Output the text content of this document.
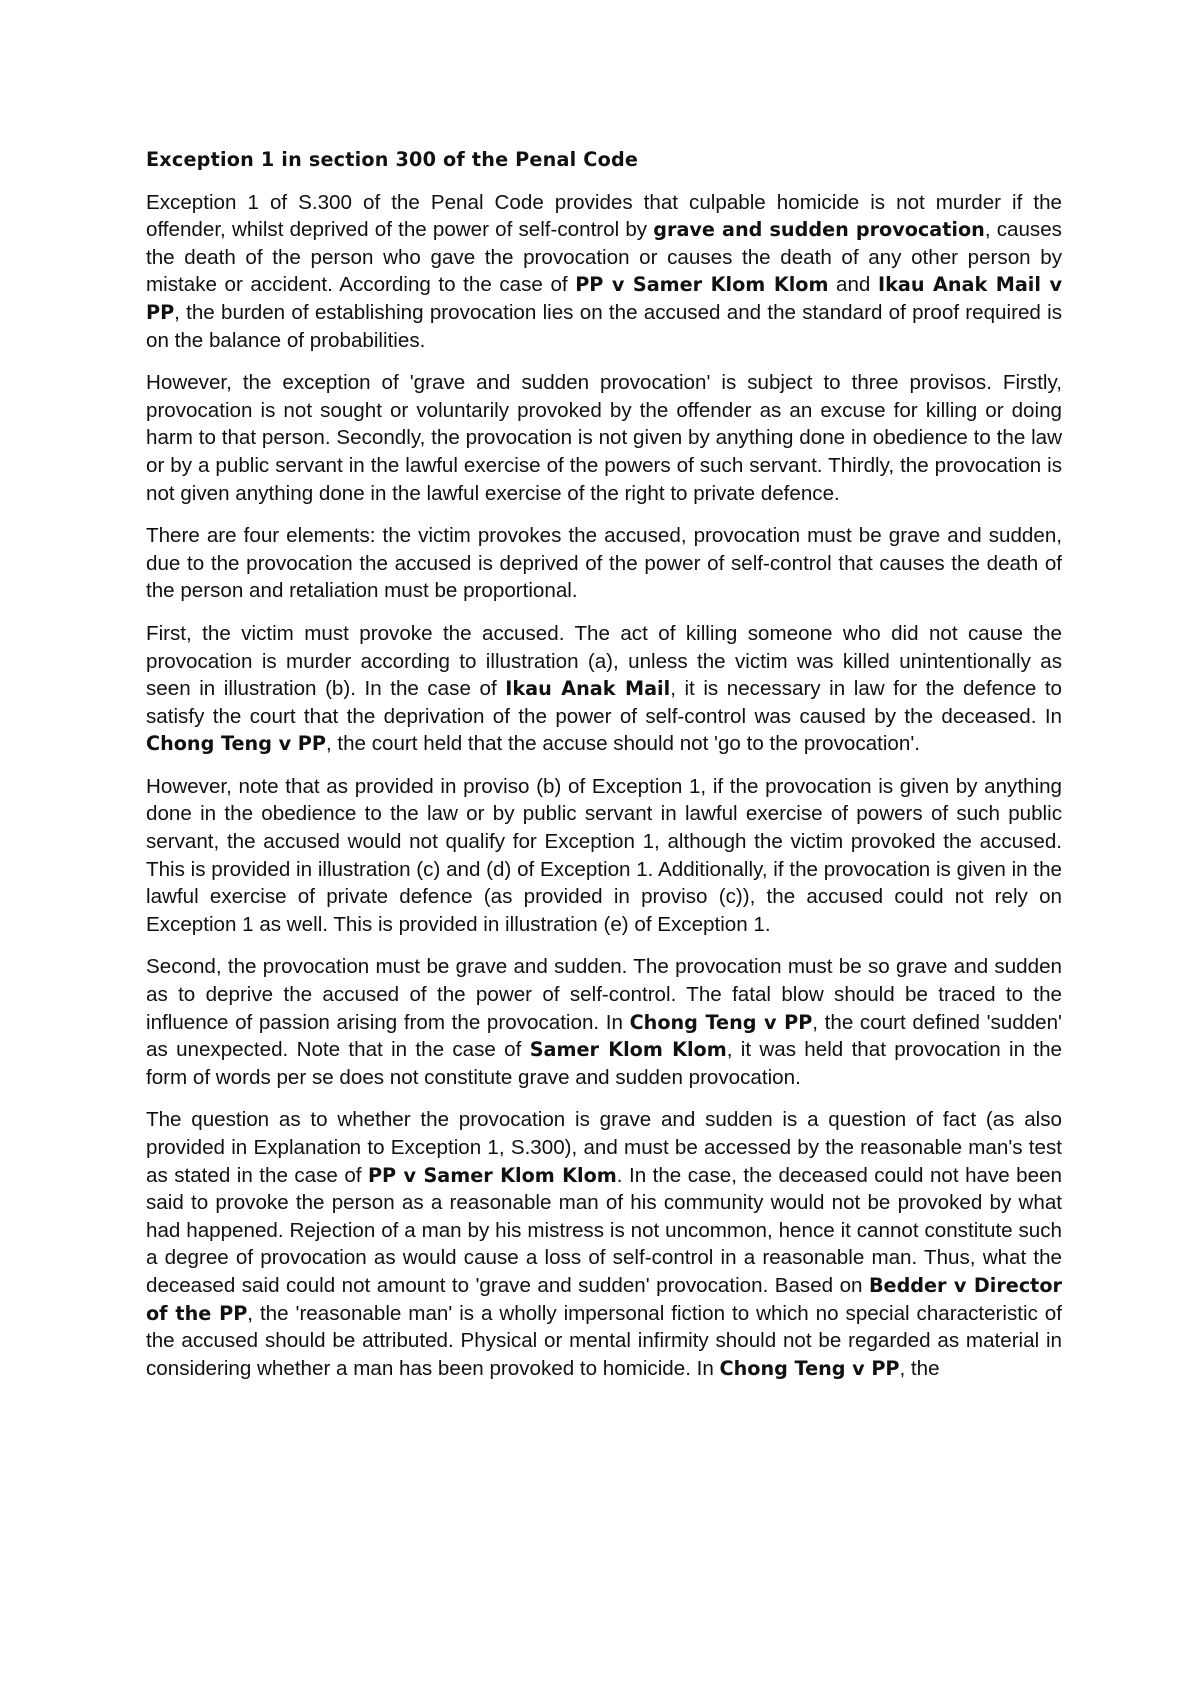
Exception 1 in section 300 of the Penal Code

Exception 1 of S.300 of the Penal Code provides that culpable homicide is not murder if the offender, whilst deprived of the power of self-control by grave and sudden provocation, causes the death of the person who gave the provocation or causes the death of any other person by mistake or accident. According to the case of PP v Samer Klom Klom and Ikau Anak Mail v PP, the burden of establishing provocation lies on the accused and the standard of proof required is on the balance of probabilities.

However, the exception of 'grave and sudden provocation' is subject to three provisos. Firstly, provocation is not sought or voluntarily provoked by the offender as an excuse for killing or doing harm to that person. Secondly, the provocation is not given by anything done in obedience to the law or by a public servant in the lawful exercise of the powers of such servant. Thirdly, the provocation is not given anything done in the lawful exercise of the right to private defence.

There are four elements: the victim provokes the accused, provocation must be grave and sudden, due to the provocation the accused is deprived of the power of self-control that causes the death of the person and retaliation must be proportional.

First, the victim must provoke the accused. The act of killing someone who did not cause the provocation is murder according to illustration (a), unless the victim was killed unintentionally as seen in illustration (b). In the case of Ikau Anak Mail, it is necessary in law for the defence to satisfy the court that the deprivation of the power of self-control was caused by the deceased. In Chong Teng v PP, the court held that the accuse should not 'go to the provocation'.

However, note that as provided in proviso (b) of Exception 1, if the provocation is given by anything done in the obedience to the law or by public servant in lawful exercise of powers of such public servant, the accused would not qualify for Exception 1, although the victim provoked the accused. This is provided in illustration (c) and (d) of Exception 1. Additionally, if the provocation is given in the lawful exercise of private defence (as provided in proviso (c)), the accused could not rely on Exception 1 as well. This is provided in illustration (e) of Exception 1.

Second, the provocation must be grave and sudden. The provocation must be so grave and sudden as to deprive the accused of the power of self-control. The fatal blow should be traced to the influence of passion arising from the provocation. In Chong Teng v PP, the court defined 'sudden' as unexpected. Note that in the case of Samer Klom Klom, it was held that provocation in the form of words per se does not constitute grave and sudden provocation.

The question as to whether the provocation is grave and sudden is a question of fact (as also provided in Explanation to Exception 1, S.300), and must be accessed by the reasonable man's test as stated in the case of PP v Samer Klom Klom. In the case, the deceased could not have been said to provoke the person as a reasonable man of his community would not be provoked by what had happened. Rejection of a man by his mistress is not uncommon, hence it cannot constitute such a degree of provocation as would cause a loss of self-control in a reasonable man. Thus, what the deceased said could not amount to 'grave and sudden' provocation. Based on Bedder v Director of the PP, the 'reasonable man' is a wholly impersonal fiction to which no special characteristic of the accused should be attributed. Physical or mental infirmity should not be regarded as material in considering whether a man has been provoked to homicide. In Chong Teng v PP, the
